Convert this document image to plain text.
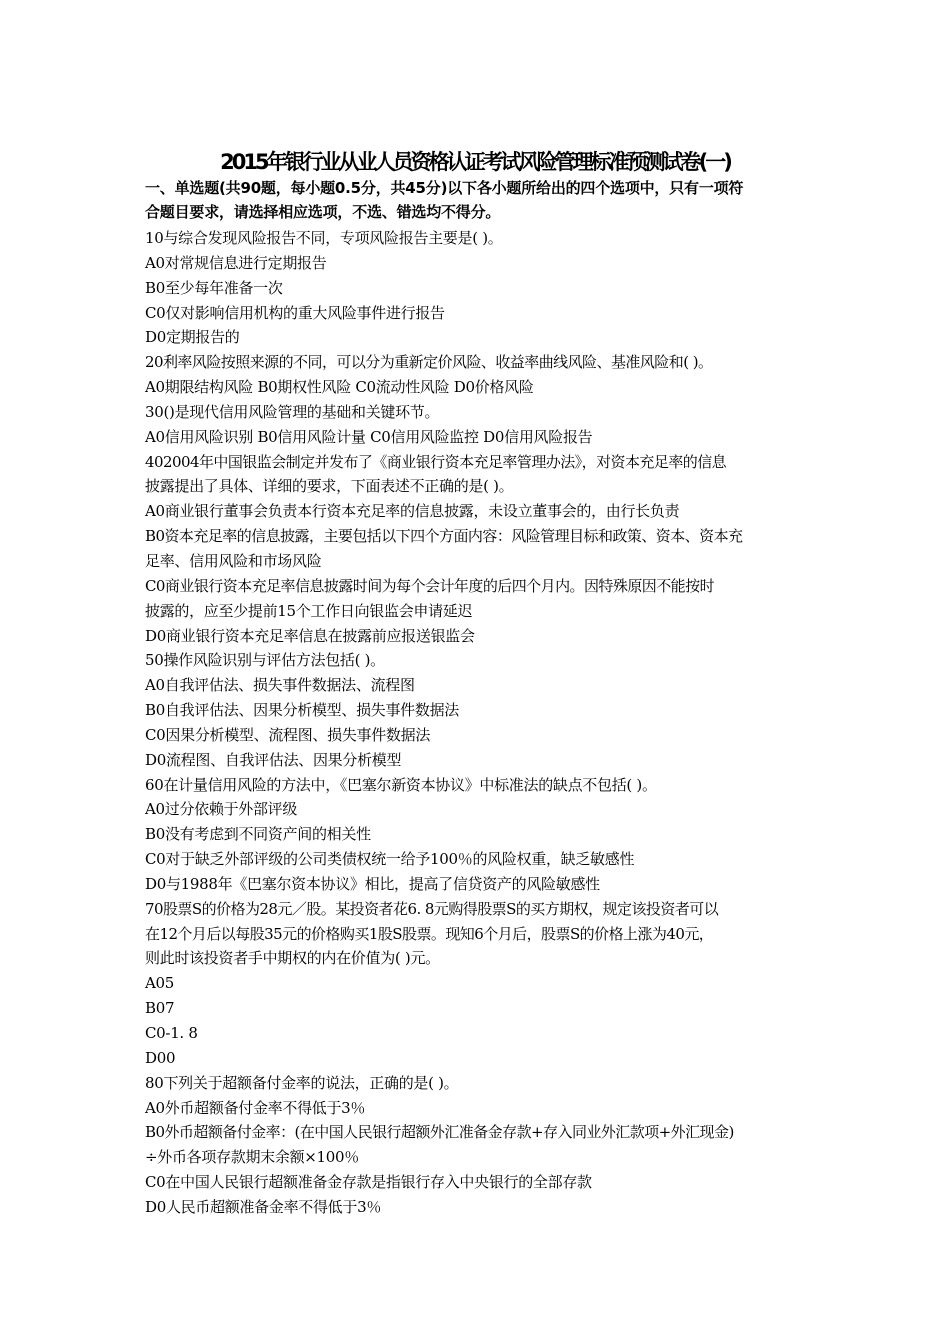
2015年银行业从业人员资格认证考试风险管理标准预测试卷(一)
一、单选题(共90题，每小题0.5分，共45分)以下各小题所给出的四个选项中，只有一项符
合题目要求，请选择相应选项，不选、错选均不得分。
10与综合发现风险报告不同，专项风险报告主要是( )。
A0对常规信息进行定期报告
B0至少每年准备一次
C0仅对影响信用机构的重大风险事件进行报告
D0定期报告的
20利率风险按照来源的不同，可以分为重新定价风险、收益率曲线风险、基准风险和( )。
A0期限结构风险 B0期权性风险 C0流动性风险 D0价格风险
30()是现代信用风险管理的基础和关键环节。
A0信用风险识别 B0信用风险计量 C0信用风险监控 D0信用风险报告
402004年中国银监会制定并发布了《商业银行资本充足率管理办法》，对资本充足率的信息
披露提出了具体、详细的要求，下面表述不正确的是( )。
A0商业银行董事会负责本行资本充足率的信息披露，未设立董事会的，由行长负责
B0资本充足率的信息披露，主要包括以下四个方面内容：风险管理目标和政策、资本、资本充
足率、信用风险和市场风险
C0商业银行资本充足率信息披露时间为每个会计年度的后四个月内。因特殊原因不能按时
披露的，应至少提前15个工作日向银监会申请延迟
D0商业银行资本充足率信息在披露前应报送银监会
50操作风险识别与评估方法包括( )。
A0自我评估法、损失事件数据法、流程图
B0自我评估法、因果分析模型、损失事件数据法
C0因果分析模型、流程图、损失事件数据法
D0流程图、自我评估法、因果分析模型
60在计量信用风险的方法中，《巴塞尔新资本协议》中标准法的缺点不包括( )。
A0过分依赖于外部评级
B0没有考虑到不同资产间的相关性
C0对于缺乏外部评级的公司类债权统一给予100％的风险权重，缺乏敏感性
D0与1988年《巴塞尔资本协议》相比，提高了信贷资产的风险敏感性
70股票S的价格为28元／股。某投资者花6. 8元购得股票S的买方期权，规定该投资者可以
在12个月后以每股35元的价格购买1股S股票。现知6个月后，股票S的价格上涨为40元，
则此时该投资者手中期权的内在价值为( )元。
A05
B07
C0-1. 8
D00
80下列关于超额备付金率的说法，正确的是( )。
A0外币超额备付金率不得低于3％
B0外币超额备付金率：(在中国人民银行超额外汇准备金存款+存入同业外汇款项+外汇现金)
÷外币各项存款期末余额×100％
C0在中国人民银行超额准备金存款是指银行存入中央银行的全部存款
D0人民币超额准备金率不得低于3％
